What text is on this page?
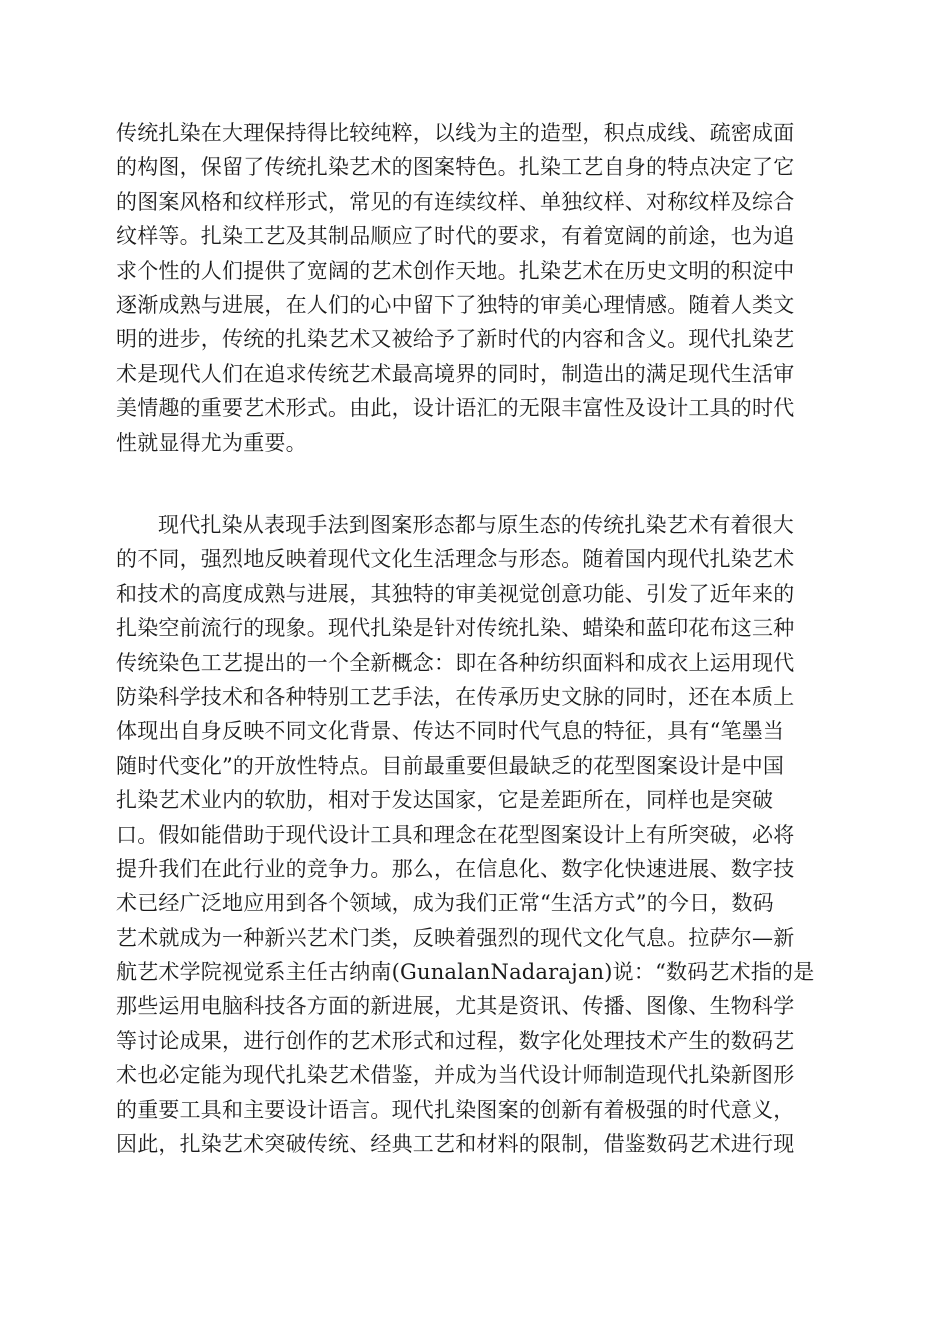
传统扎染在大理保持得比较纯粹，以线为主的造型，积点成线、疏密成面
的构图，保留了传统扎染艺术的图案特色。扎染工艺自身的特点决定了它
的图案风格和纹样形式，常见的有连续纹样、单独纹样、对称纹样及综合
纹样等。扎染工艺及其制品顺应了时代的要求，有着宽阔的前途，也为追
求个性的人们提供了宽阔的艺术创作天地。扎染艺术在历史文明的积淀中
逐渐成熟与进展，在人们的心中留下了独特的审美心理情感。随着人类文
明的进步，传统的扎染艺术又被给予了新时代的内容和含义。现代扎染艺
术是现代人们在追求传统艺术最高境界的同时，制造出的满足现代生活审
美情趣的重要艺术形式。由此，设计语汇的无限丰富性及设计工具的时代
性就显得尤为重要。
现代扎染从表现手法到图案形态都与原生态的传统扎染艺术有着很大
的不同，强烈地反映着现代文化生活理念与形态。随着国内现代扎染艺术
和技术的高度成熟与进展，其独特的审美视觉创意功能、引发了近年来的
扎染空前流行的现象。现代扎染是针对传统扎染、蜡染和蓝印花布这三种
传统染色工艺提出的一个全新概念：即在各种纺织面料和成衣上运用现代
防染科学技术和各种特别工艺手法，在传承历史文脉的同时，还在本质上
体现出自身反映不同文化背景、传达不同时代气息的特征，具有“笔墨当
随时代变化”的开放性特点。目前最重要但最缺乏的花型图案设计是中国
扎染艺术业内的软肋，相对于发达国家，它是差距所在，同样也是突破
口。假如能借助于现代设计工具和理念在花型图案设计上有所突破，必将
提升我们在此行业的竞争力。那么，在信息化、数字化快速进展、数字技
术已经广泛地应用到各个领域，成为我们正常“生活方式”的今日，数码
艺术就成为一种新兴艺术门类，反映着强烈的现代文化气息。拉萨尔—新
航艺术学院视觉系主任古纳南(GunalanNadarajan)说：“数码艺术指的是
那些运用电脑科技各方面的新进展，尤其是资讯、传播、图像、生物科学
等讨论成果，进行创作的艺术形式和过程，数字化处理技术产生的数码艺
术也必定能为现代扎染艺术借鉴，并成为当代设计师制造现代扎染新图形
的重要工具和主要设计语言。现代扎染图案的创新有着极强的时代意义，
因此，扎染艺术突破传统、经典工艺和材料的限制，借鉴数码艺术进行现
